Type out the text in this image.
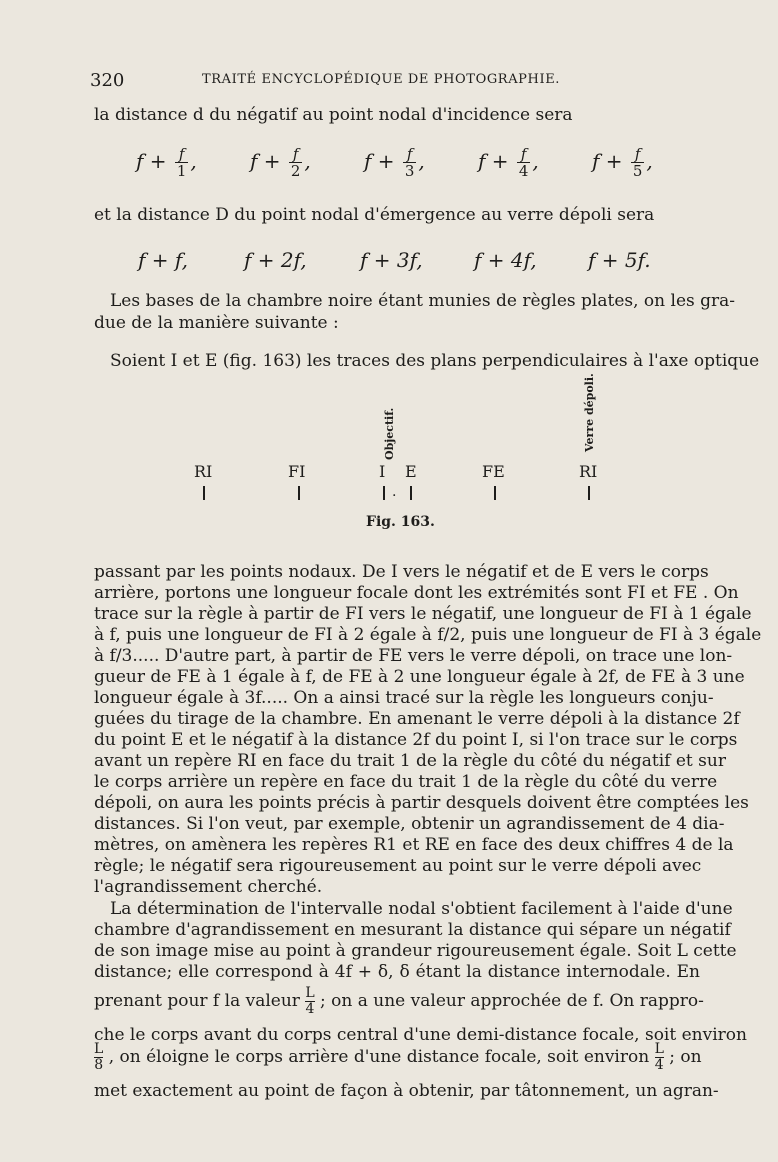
320	TRAITÉ ENCYCLOPÉDIQUE DE PHOTOGRAPHIE.
la distance d du négatif au point nodal d'incidence sera
$f + \frac{f}{1}$ ,	$f + \frac{f}{2}$ ,	$f + \frac{f}{3}$ ,	$f + \frac{f}{4}$ ,	$f + \frac{f}{5}$ ,
et la distance D du point nodal d'émergence au verre dépoli sera
f + f,	f + 2f,	f + 3f,	f + 4f,	f + 5f.
Les bases de la chambre noire étant munies de règles plates, on les gra-
due de la manière suivante :
Soient I et E (fig. 163) les traces des plans perpendiculaires à l'axe optique
RI	FI	I E	FE	RI
Objectif.	Verre dépoli.
.
Fig. 163.
passant par les points nodaux. De I vers le négatif et de E vers le corps
arrière, portons une longueur focale dont les extrémités sont FI et FE . On
trace sur la règle à partir de FI vers le négatif, une longueur de FI à 1 égale
à f, puis une longueur de FI à 2 égale à f/2, puis une longueur de FI à 3 égale
à f/3..... D'autre part, à partir de FE vers le verre dépoli, on trace une lon-
gueur de FE à 1 égale à f, de FE à 2 une longueur égale à 2f, de FE à 3 une
longueur égale à 3f..... On a ainsi tracé sur la règle les longueurs conju-
guées du tirage de la chambre. En amenant le verre dépoli à la distance 2f
du point E et le négatif à la distance 2f du point I, si l'on trace sur le corps
avant un repère RI en face du trait 1 de la règle du côté du négatif et sur
le corps arrière un repère en face du trait 1 de la règle du côté du verre
dépoli, on aura les points précis à partir desquels doivent être comptées les
distances. Si l'on veut, par exemple, obtenir un agrandissement de 4 dia-
mètres, on amènera les repères R1 et RE en face des deux chiffres 4 de la
règle; le négatif sera rigoureusement au point sur le verre dépoli avec
l'agrandissement cherché.
La détermination de l'intervalle nodal s'obtient facilement à l'aide d'une
chambre d'agrandissement en mesurant la distance qui sépare un négatif
de son image mise au point à grandeur rigoureusement égale. Soit L cette
distance; elle correspond à 4f + δ, δ étant la distance internodale. En
prenant pour f la valeur $\frac{L}{4}$ ; on a une valeur approchée de f. On rappro-
che le corps avant du corps central d'une demi-distance focale, soit environ
$\frac{L}{8}$ , on éloigne le corps arrière d'une distance focale, soit environ $\frac{L}{4}$ ; on
met exactement au point de façon à obtenir, par tâtonnement, un agran-
